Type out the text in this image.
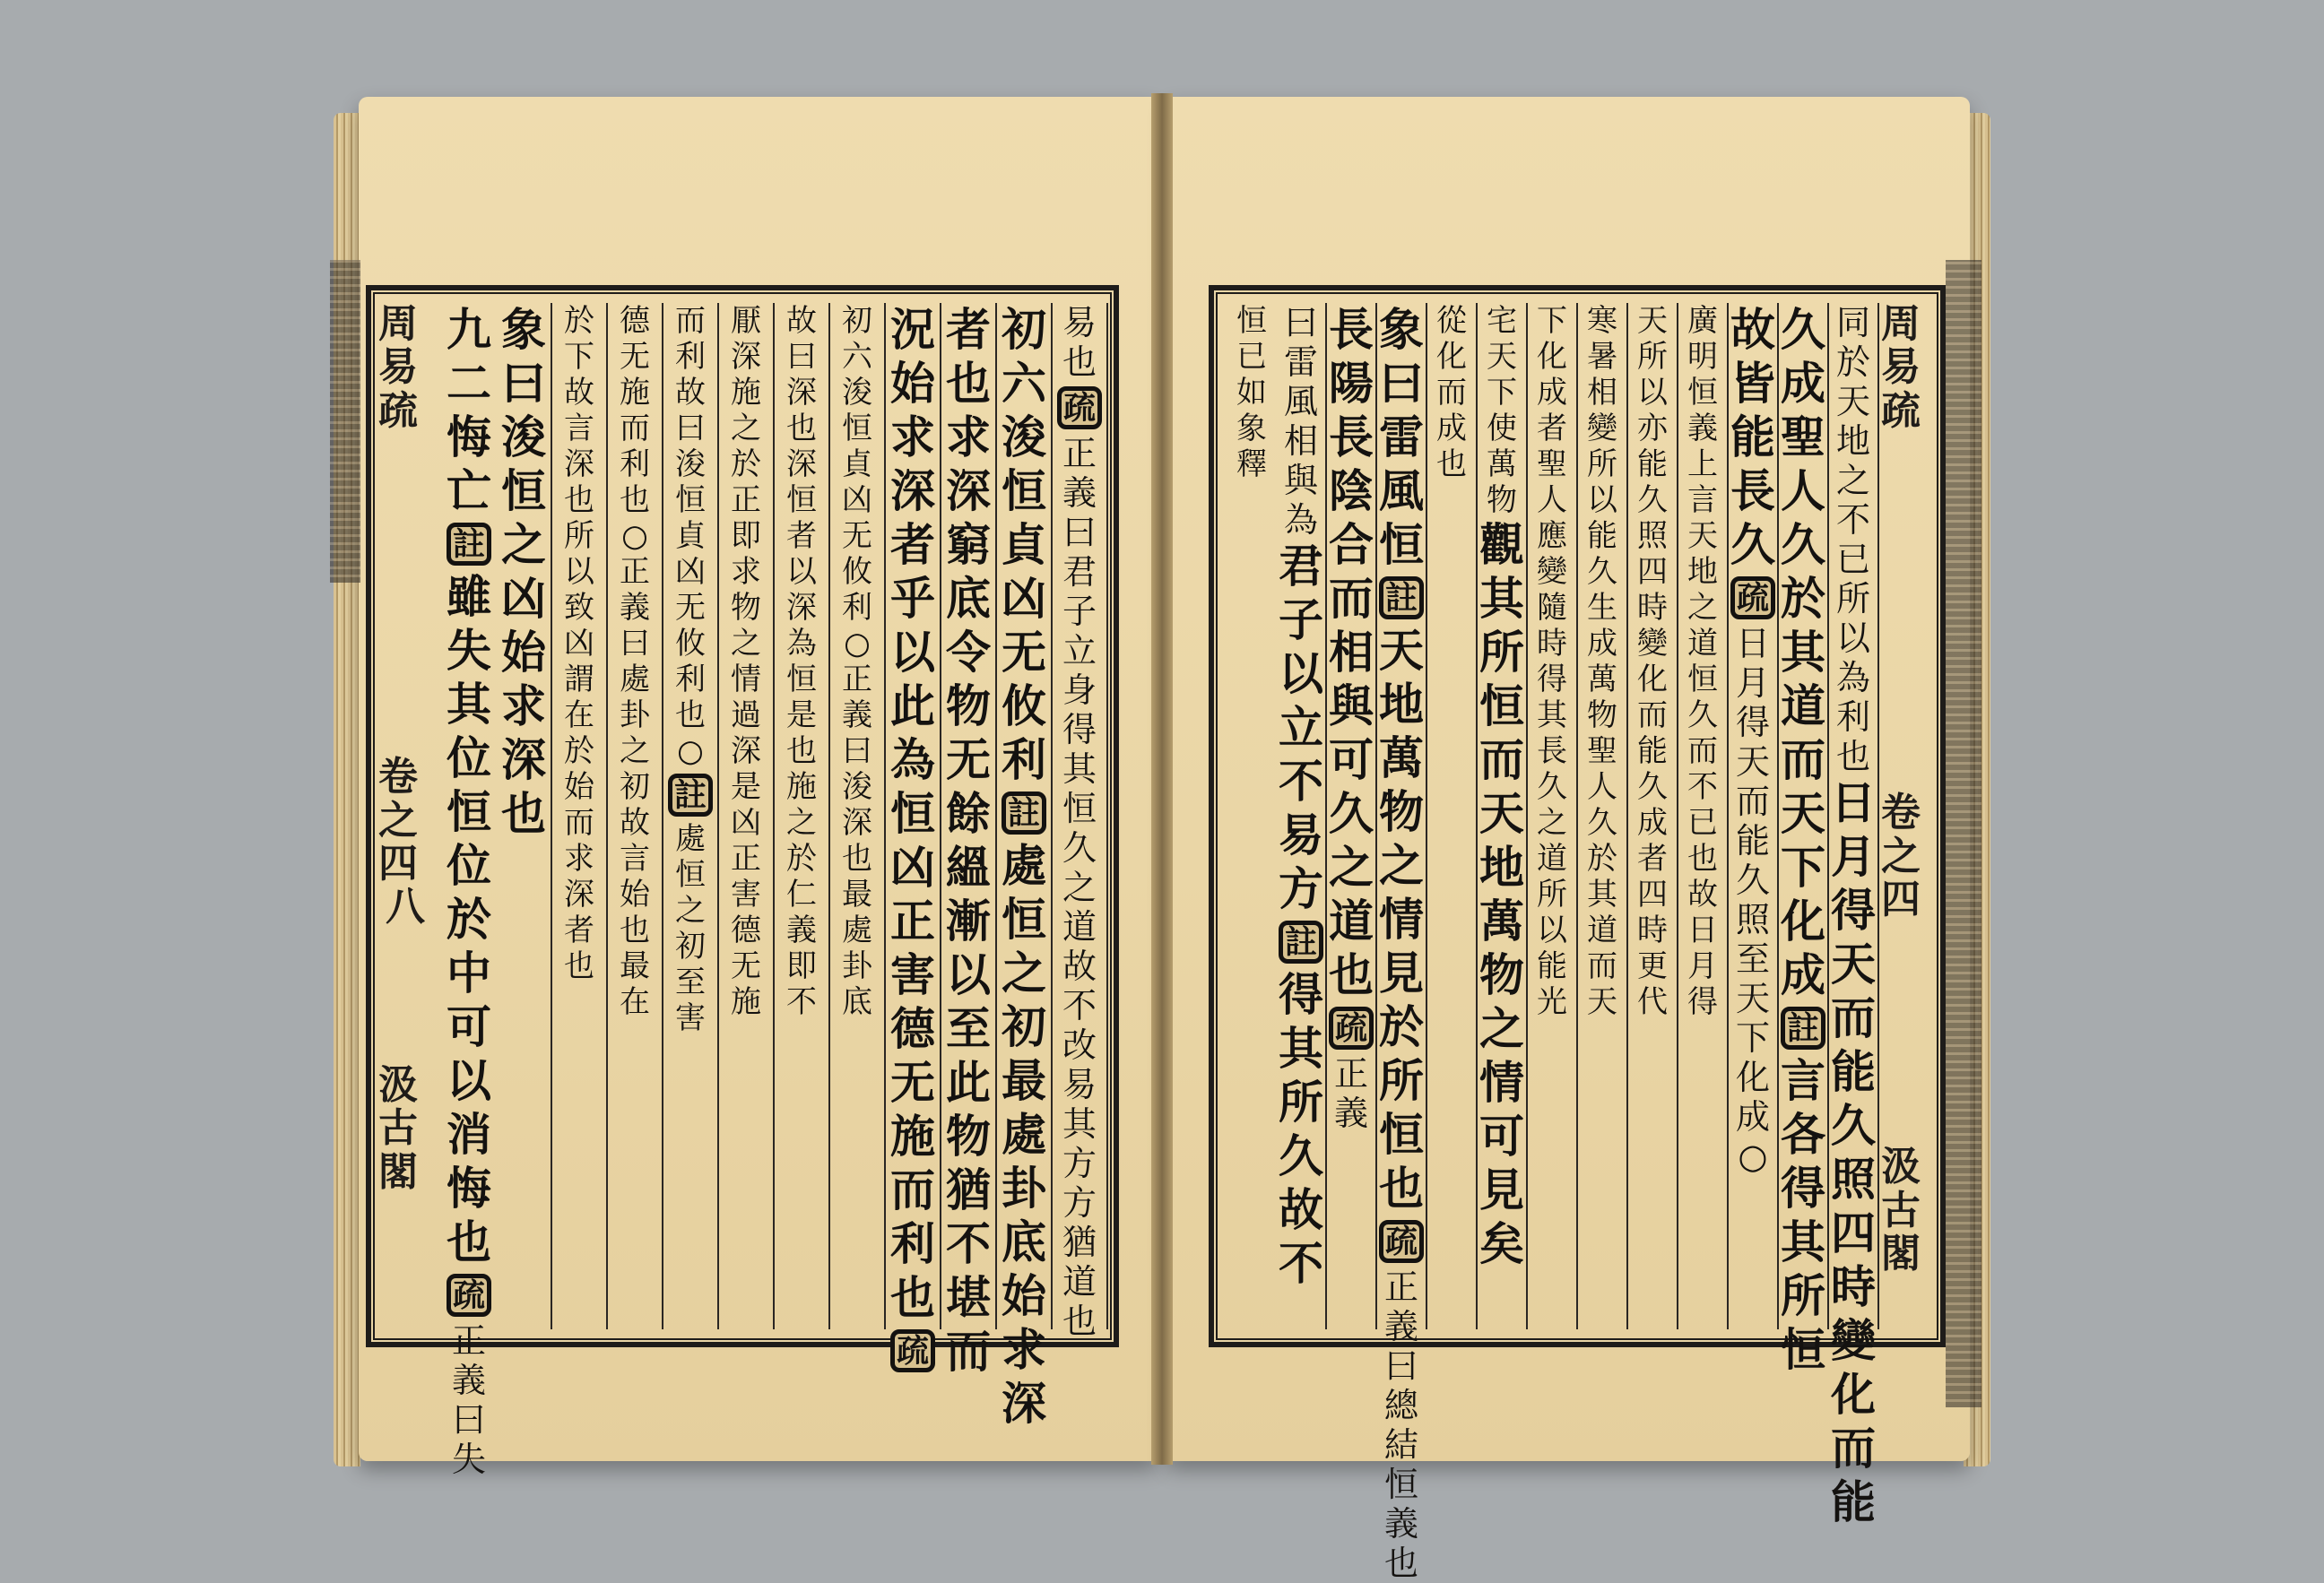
周易疏
卷之四
八
汲古閣
易
也
疏
正
義
曰
君
子
立
身
得
其
恒
久
之
道
故
不
改
易
其
方
方
猶
道
也
初
六
浚
恒
貞
凶
无
攸
利
註
處
恒
之
初
最
處
卦
底
始
求
深
者
也
求
深
窮
底
令
物
无
餘
縕
漸
以
至
此
物
猶
不
堪
而
況
始
求
深
者
乎
以
此
為
恒
凶
正
害
德
无
施
而
利
也
疏
初
六
浚
恒
貞
凶
无
攸
利
○
正
義
曰
浚
深
也
最
處
卦
底
故
曰
深
也
深
恒
者
以
深
為
恒
是
也
施
之
於
仁
義
即
不
厭
深
施
之
於
正
即
求
物
之
情
過
深
是
凶
正
害
德
无
施
而
利
故
曰
浚
恒
貞
凶
无
攸
利
也
○
註
處
恒
之
初
至
害
德
无
施
而
利
也
○
正
義
曰
處
卦
之
初
故
言
始
也
最
在
於
下
故
言
深
也
所
以
致
凶
謂
在
於
始
而
求
深
者
也
象
曰
浚
恒
之
凶
始
求
深
也
九
二
悔
亡
註
雖
失
其
位
恒
位
於
中
可
以
消
悔
也
疏
正
義
曰
失
周易疏
卷之四
汲古閣
同
於
天
地
之
不
已
所
以
為
利
也
日
月
得
天
而
能
久
照
四
時
變
化
而
能
久
成
聖
人
久
於
其
道
而
天
下
化
成
註
言
各
得
其
所
恒
故
皆
能
長
久
疏
日
月
得
天
而
能
久
照
至
天
下
化
成
○
廣
明
恒
義
上
言
天
地
之
道
恒
久
而
不
已
也
故
日
月
得
天
所
以
亦
能
久
照
四
時
變
化
而
能
久
成
者
四
時
更
代
寒
暑
相
變
所
以
能
久
生
成
萬
物
聖
人
久
於
其
道
而
天
下
化
成
者
聖
人
應
變
隨
時
得
其
長
久
之
道
所
以
能
光
宅
天
下
使
萬
物
觀
其
所
恒
而
天
地
萬
物
之
情
可
見
矣
從
化
而
成
也
象
曰
雷
風
恒
註
天
地
萬
物
之
情
見
於
所
恒
也
疏
正
義
曰
總
結
恒
義
也
長
陽
長
陰
合
而
相
與
可
久
之
道
也
疏
正
義
曰
雷
風
相
與
為
君
子
以
立
不
易
方
註
得
其
所
久
故
不
恒
已
如
象
釋
